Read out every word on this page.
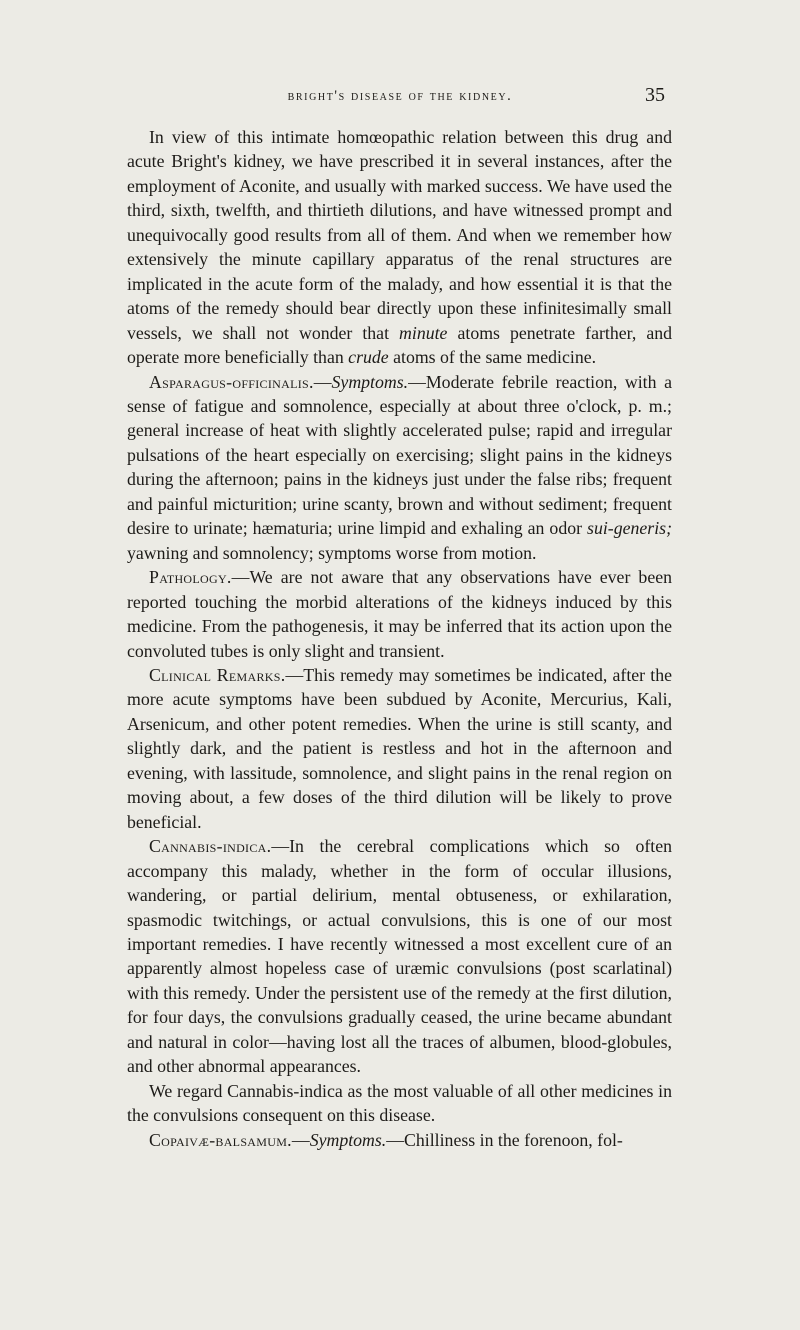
bright's disease of the kidney.	35

In view of this intimate homœopathic relation between this drug and acute Bright's kidney, we have prescribed it in several instances, after the employment of Aconite, and usually with marked success. We have used the third, sixth, twelfth, and thirtieth dilutions, and have witnessed prompt and unequivocally good results from all of them. And when we remember how extensively the minute capillary apparatus of the renal structures are implicated in the acute form of the malady, and how essential it is that the atoms of the remedy should bear directly upon these infinitesimally small vessels, we shall not wonder that minute atoms penetrate farther, and operate more beneficially than crude atoms of the same medicine.

Asparagus-officinalis.—Symptoms.—Moderate febrile reaction, with a sense of fatigue and somnolence, especially at about three o'clock, p. m.; general increase of heat with slightly accelerated pulse; rapid and irregular pulsations of the heart especially on exercising; slight pains in the kidneys during the afternoon; pains in the kidneys just under the false ribs; frequent and painful micturition; urine scanty, brown and without sediment; frequent desire to urinate; hæmaturia; urine limpid and exhaling an odor sui-generis; yawning and somnolency; symptoms worse from motion.

Pathology.—We are not aware that any observations have ever been reported touching the morbid alterations of the kidneys induced by this medicine. From the pathogenesis, it may be inferred that its action upon the convoluted tubes is only slight and transient.

Clinical Remarks.—This remedy may sometimes be indicated, after the more acute symptoms have been subdued by Aconite, Mercurius, Kali, Arsenicum, and other potent remedies. When the urine is still scanty, and slightly dark, and the patient is restless and hot in the afternoon and evening, with lassitude, somnolence, and slight pains in the renal region on moving about, a few doses of the third dilution will be likely to prove beneficial.

Cannabis-indica.—In the cerebral complications which so often accompany this malady, whether in the form of occular illusions, wandering, or partial delirium, mental obtuseness, or exhilaration, spasmodic twitchings, or actual convulsions, this is one of our most important remedies. I have recently witnessed a most excellent cure of an apparently almost hopeless case of uræmic convulsions (post scarlatinal) with this remedy. Under the persistent use of the remedy at the first dilution, for four days, the convulsions gradually ceased, the urine became abundant and natural in color—having lost all the traces of albumen, blood-globules, and other abnormal appearances.

We regard Cannabis-indica as the most valuable of all other medicines in the convulsions consequent on this disease.

Copaivæ-balsamum.—Symptoms.—Chilliness in the forenoon, fol-
